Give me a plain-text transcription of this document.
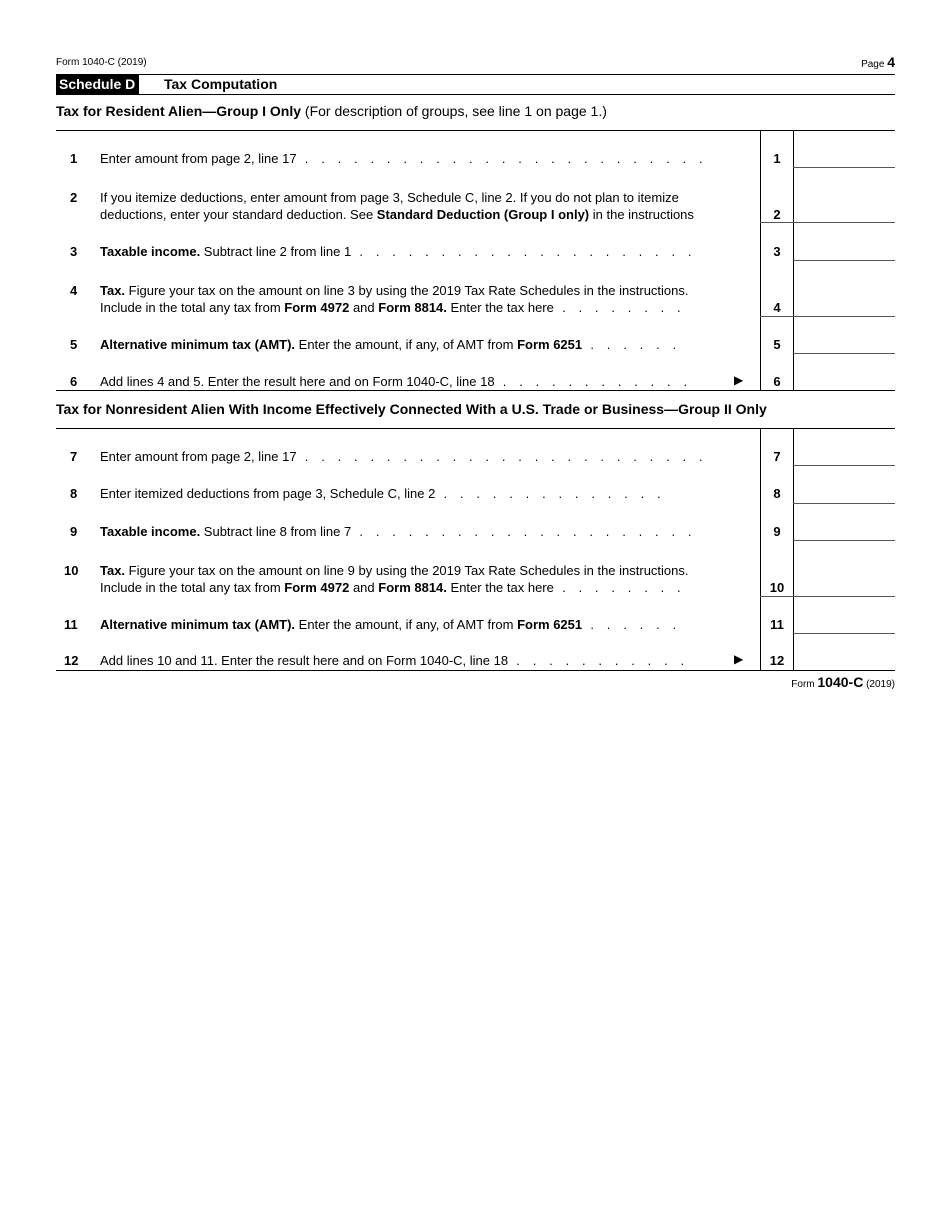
Form 1040-C (2019)	Page 4
Schedule D Tax Computation
Tax for Resident Alien—Group I Only (For description of groups, see line 1 on page 1.)
1 Enter amount from page 2, line 17 . . . . . . . . . . . . . . . . . . . . . . . . .	1
2 If you itemize deductions, enter amount from page 3, Schedule C, line 2. If you do not plan to itemize
deductions, enter your standard deduction. See Standard Deduction (Group I only) in the instructions	2
3 Taxable income. Subtract line 2 from line 1 . . . . . . . . . . . . . . . . . . . . .	3
4 Tax. Figure your tax on the amount on line 3 by using the 2019 Tax Rate Schedules in the instructions.
Include in the total any tax from Form 4972 and Form 8814. Enter the tax here . . . . . . . .	4
5 Alternative minimum tax (AMT). Enter the amount, if any, of AMT from Form 6251 . . . . . .	5
6 Add lines 4 and 5. Enter the result here and on Form 1040-C, line 18 . . . . . . . . . . . .	▶	6
Tax for Nonresident Alien With Income Effectively Connected With a U.S. Trade or Business—Group II Only
7 Enter amount from page 2, line 17 . . . . . . . . . . . . . . . . . . . . . . . . .	7
8 Enter itemized deductions from page 3, Schedule C, line 2 . . . . . . . . . . . . . .	8
9 Taxable income. Subtract line 8 from line 7 . . . . . . . . . . . . . . . . . . . . .	9
10 Tax. Figure your tax on the amount on line 9 by using the 2019 Tax Rate Schedules in the instructions.
Include in the total any tax from Form 4972 and Form 8814. Enter the tax here . . . . . . . .	10
11 Alternative minimum tax (AMT). Enter the amount, if any, of AMT from Form 6251 . . . . . .	11
12 Add lines 10 and 11. Enter the result here and on Form 1040-C, line 18 . . . . . . . . . . .	▶	12
Form 1040-C (2019)
